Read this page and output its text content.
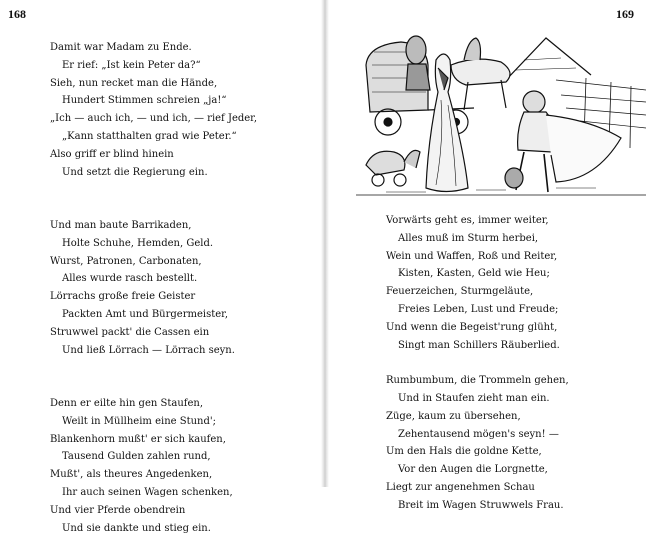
168
Damit war Madam zu Ende.
Er rief: „Ist kein Peter da?“
Sieh, nun recket man die Hände,
Hundert Stimmen schreien „ja!“
„Ich — auch ich, — und ich, — rief Jeder,
„Kann statthalten grad wie Peter.“
Also griff er blind hinein
Und setzt die Regierung ein.
Und man baute Barrikaden,
Holte Schuhe, Hemden, Geld.
Wurst, Patronen, Carbonaten,
Alles wurde rasch bestellt.
Lörrachs große freie Geister
Packten Amt und Bürgermeister,
Struwwel packt' die Cassen ein
Und ließ Lörrach — Lörrach seyn.
Denn er eilte hin gen Staufen,
Weilt in Müllheim eine Stund';
Blankenhorn mußt' er sich kaufen,
Tausend Gulden zahlen rund,
Mußt', als theures Angedenken,
Ihr auch seinen Wagen schenken,
Und vier Pferde obendrein
Und sie dankte und stieg ein.
169
Vorwärts geht es, immer weiter,
Alles muß im Sturm herbei,
Wein und Waffen, Roß und Reiter,
Kisten, Kasten, Geld wie Heu;
Feuerzeichen, Sturmgeläute,
Freies Leben, Lust und Freude;
Und wenn die Begeist'rung glüht,
Singt man Schillers Räuberlied.
Rumbumbum, die Trommeln gehen,
Und in Staufen zieht man ein.
Züge, kaum zu übersehen,
Zehentausend mögen's seyn! —
Um den Hals die goldne Kette,
Vor den Augen die Lorgnette,
Liegt zur angenehmen Schau
Breit im Wagen Struwwels Frau.
